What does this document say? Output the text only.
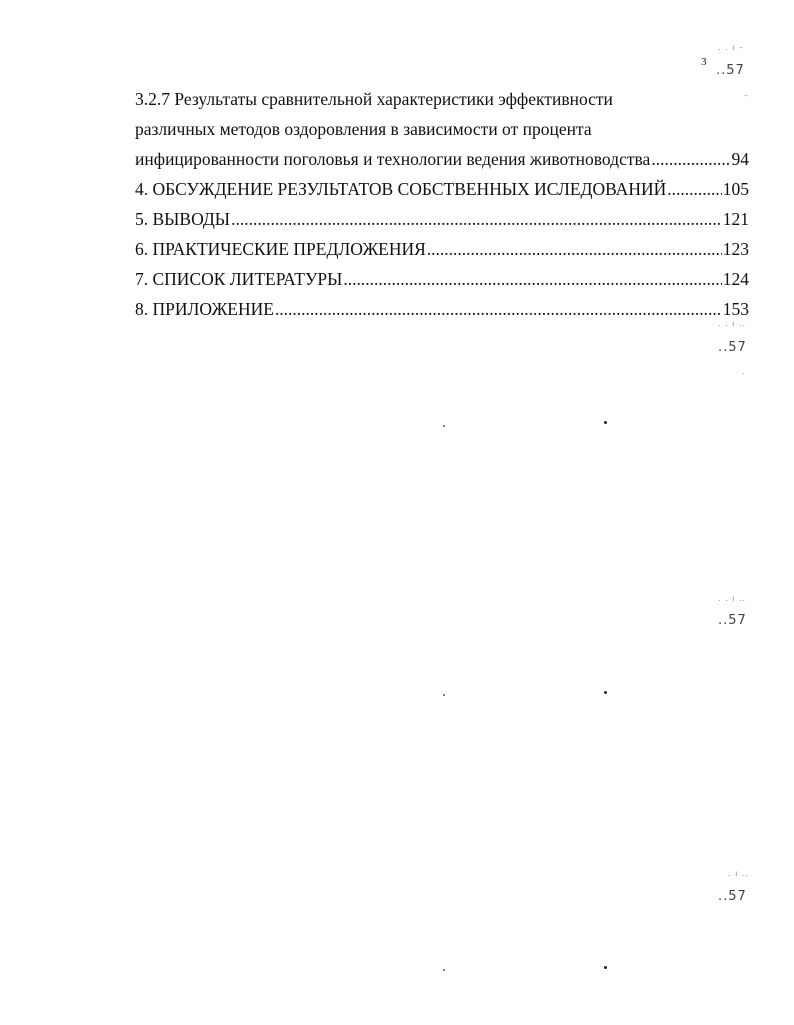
3
3.2.7 Результаты сравнительной характеристики эффективности
различных методов оздоровления в зависимости от процента
инфицированности поголовья и технологии ведения животноводства .....	94
4. ОБСУЖДЕНИЕ РЕЗУЛЬТАТОВ СОБСТВЕННЫХ ИСЛЕДОВАНИЙ .....	105
5. ВЫВОДЫ .....	121
6. ПРАКТИЧЕСКИЕ ПРЕДЛОЖЕНИЯ .....	123
7. СПИСОК ЛИТЕРАТУРЫ .....	124
8. ПРИЛОЖЕНИЕ .....	153
. . ı –
..57
–
. . ı ..
..57
.
. . ı ..
..57
. ı ..
..57
